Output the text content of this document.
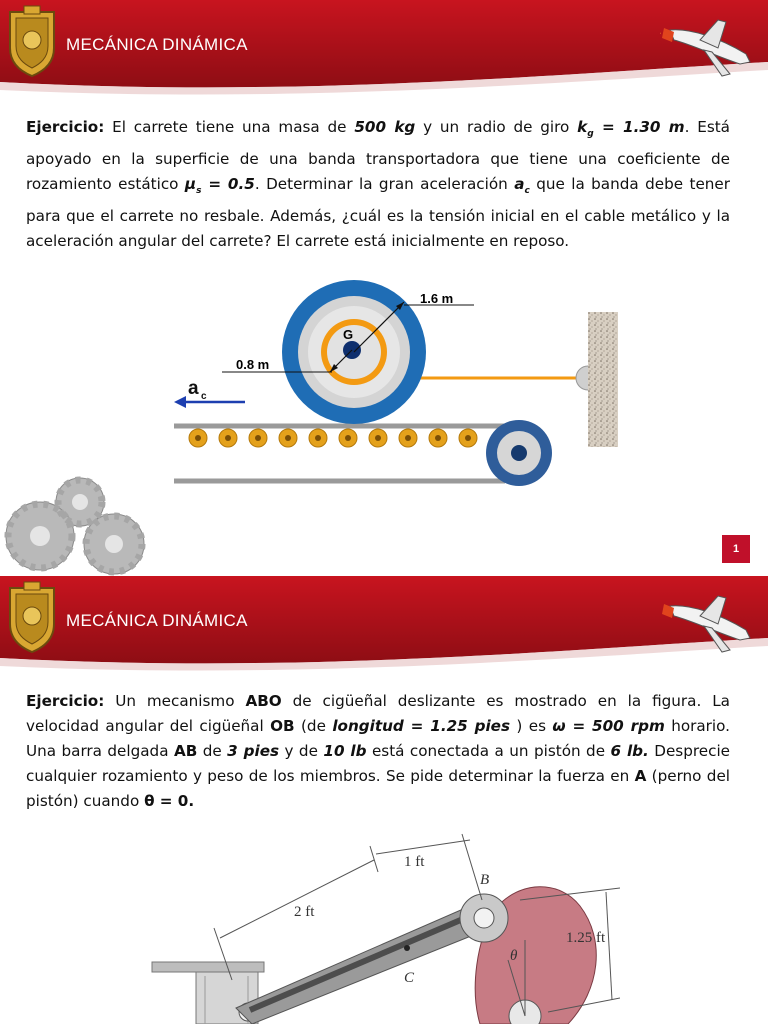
MECÁNICA DINÁMICA
Ejercicio: El carrete tiene una masa de 500 kg y un radio de giro $k_g = 1.30$ m. Está apoyado en la superficie de una banda transportadora que tiene una coeficiente de rozamiento estático $\mu_s = 0.5$. Determinar la gran aceleración $a_c$ que la banda debe tener para que el carrete no resbale. Además, ¿cuál es la tensión inicial en el cable metálico y la aceleración angular del carrete? El carrete está inicialmente en reposo.
G
1.6 m
0.8 m
a c
1
MECÁNICA DINÁMICA
Ejercicio: Un mecanismo ABO de cigüeñal deslizante es mostrado en la figura. La velocidad angular del cigüeñal OB (de longitud = 1.25 pies ) es ω = 500 rpm horario. Una barra delgada AB de 3 pies y de 10 lb está conectada a un pistón de 6 lb. Desprecie cualquier rozamiento y peso de los miembros. Se pide determinar la fuerza en A (perno del pistón) cuando θ = 0.
1 ft
2 ft
1.25 ft
B
C
θ
